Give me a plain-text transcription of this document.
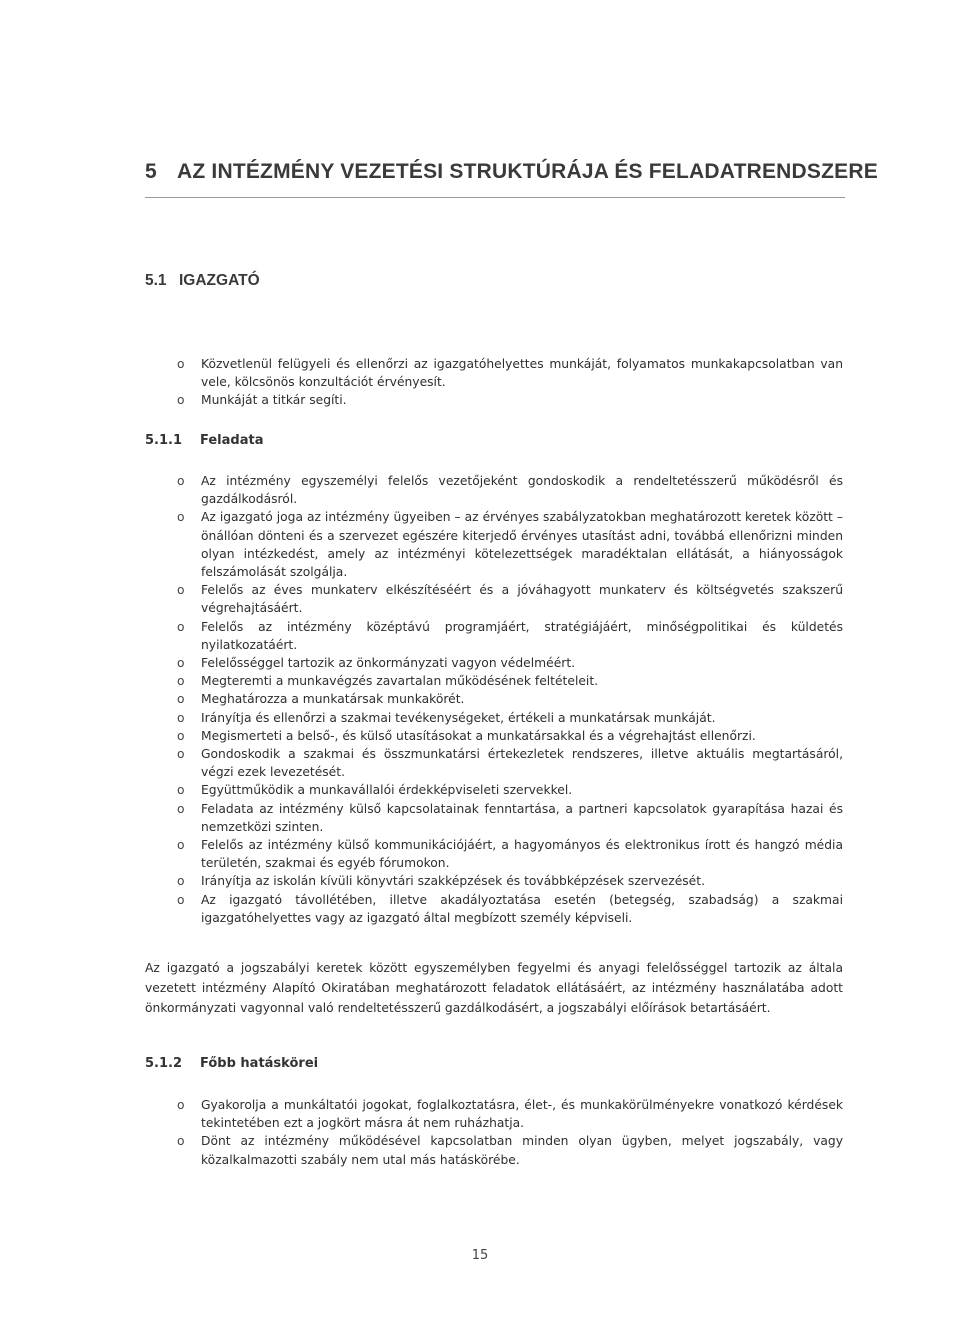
5 AZ INTÉZMÉNY VEZETÉSI STRUKTÚRÁJA ÉS FELADATRENDSZERE
5.1 IGAZGATÓ
o Közvetlenül felügyeli és ellenőrzi az igazgatóhelyettes munkáját, folyamatos munkakapcsolatban van vele, kölcsönös konzultációt érvényesít.
o Munkáját a titkár segíti.
5.1.1 Feladata
o Az intézmény egyszemélyi felelős vezetőjeként gondoskodik a rendeltetésszerű működésről és gazdálkodásról.
o Az igazgató joga az intézmény ügyeiben – az érvényes szabályzatokban meghatározott keretek között – önállóan dönteni és a szervezet egészére kiterjedő érvényes utasítást adni, továbbá ellenőrizni minden olyan intézkedést, amely az intézményi kötelezettségek maradéktalan ellátását, a hiányosságok felszámolását szolgálja.
o Felelős az éves munkaterv elkészítéséért és a jóváhagyott munkaterv és költségvetés szakszerű végrehajtásáért.
o Felelős az intézmény középtávú programjáért, stratégiájáért, minőségpolitikai és küldetés nyilatkozatáért.
o Felelősséggel tartozik az önkormányzati vagyon védelméért.
o Megteremti a munkavégzés zavartalan működésének feltételeit.
o Meghatározza a munkatársak munkakörét.
o Irányítja és ellenőrzi a szakmai tevékenységeket, értékeli a munkatársak munkáját.
o Megismerteti a belső-, és külső utasításokat a munkatársakkal és a végrehajtást ellenőrzi.
o Gondoskodik a szakmai és összmunkatársi értekezletek rendszeres, illetve aktuális megtartásáról, végzi ezek levezetését.
o Együttműködik a munkavállalói érdekképviseleti szervekkel.
o Feladata az intézmény külső kapcsolatainak fenntartása, a partneri kapcsolatok gyarapítása hazai és nemzetközi szinten.
o Felelős az intézmény külső kommunikációjáért, a hagyományos és elektronikus írott és hangzó média területén, szakmai és egyéb fórumokon.
o Irányítja az iskolán kívüli könyvtári szakképzések és továbbképzések szervezését.
o Az igazgató távollétében, illetve akadályoztatása esetén (betegség, szabadság) a szakmai igazgatóhelyettes vagy az igazgató által megbízott személy képviseli.
Az igazgató a jogszabályi keretek között egyszemélyben fegyelmi és anyagi felelősséggel tartozik az általa vezetett intézmény Alapító Okiratában meghatározott feladatok ellátásáért, az intézmény használatába adott önkormányzati vagyonnal való rendeltetésszerű gazdálkodásért, a jogszabályi előírások betartásáért.
5.1.2 Főbb hatáskörei
o Gyakorolja a munkáltatói jogokat, foglalkoztatásra, élet-, és munkakörülményekre vonatkozó kérdések tekintetében ezt a jogkört másra át nem ruházhatja.
o Dönt az intézmény működésével kapcsolatban minden olyan ügyben, melyet jogszabály, vagy közalkalmazotti szabály nem utal más hatáskörébe.
15
